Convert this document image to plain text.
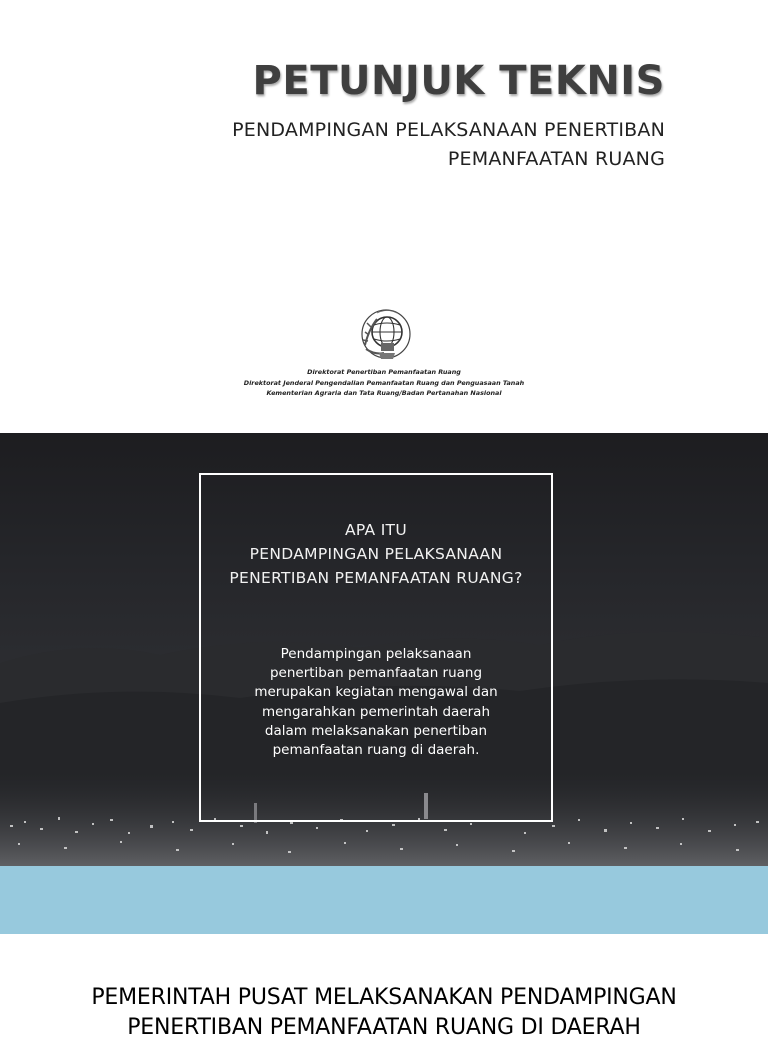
PETUNJUK TEKNIS

PENDAMPINGAN PELAKSANAAN PENERTIBAN
PEMANFAATAN RUANG

Direktorat Penertiban Pemanfaatan Ruang
Direktorat Jenderal Pengendalian Pemanfaatan Ruang dan Penguasaan Tanah
Kementerian Agraria dan Tata Ruang/Badan Pertanahan Nasional
APA ITU
PENDAMPINGAN PELAKSANAAN
PENERTIBAN PEMANFAATAN RUANG?

Pendampingan pelaksanaan
penertiban pemanfaatan ruang
merupakan kegiatan mengawal dan
mengarahkan pemerintah daerah
dalam melaksanakan penertiban
pemanfaatan ruang di daerah.

PEMERINTAH PUSAT MELAKSANAKAN PENDAMPINGAN
PENERTIBAN PEMANFAATAN RUANG DI DAERAH
